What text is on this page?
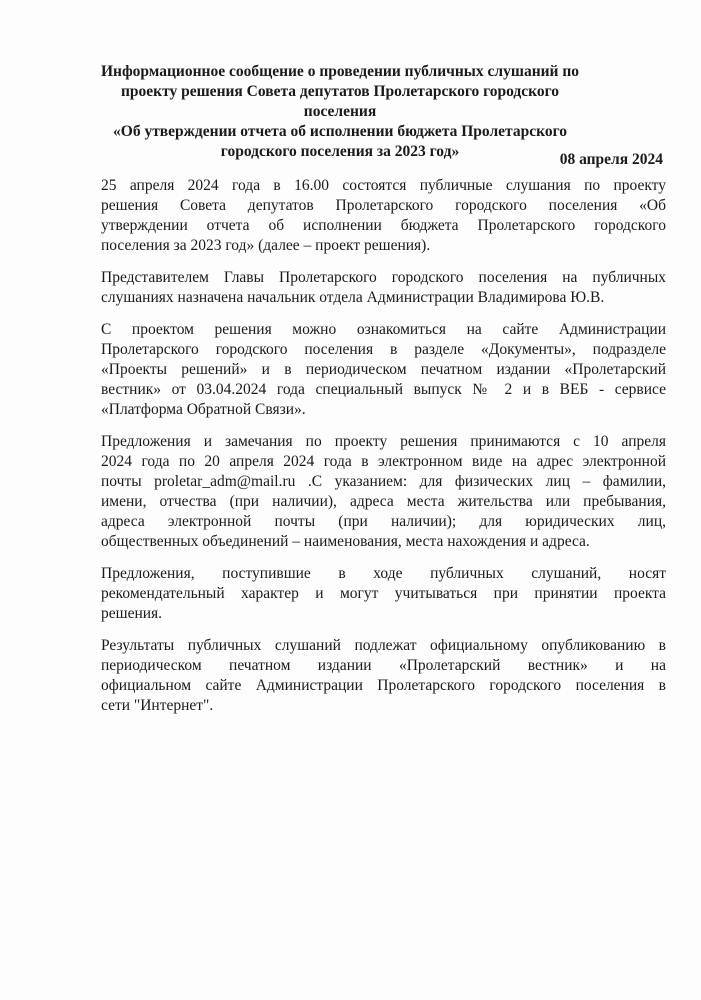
Информационное сообщение о проведении публичных слушаний по
проекту решения Совета депутатов Пролетарского городского поселения
«Об утверждении отчета об исполнении бюджета Пролетарского
городского поселения за 2023 год»	08 апреля 2024
25 апреля 2024 года в 16.00 состоятся публичные слушания по проекту
решения Совета депутатов Пролетарского городского поселения «Об
утверждении отчета об исполнении бюджета Пролетарского городского
поселения за 2023 год» (далее – проект решения).
Представителем Главы Пролетарского городского поселения на публичных
слушаниях назначена начальник отдела Администрации Владимирова Ю.В.
С проектом решения можно ознакомиться на сайте Администрации
Пролетарского городского поселения в разделе «Документы», подразделе
«Проекты решений» и в периодическом печатном издании «Пролетарский
вестник» от 03.04.2024 года специальный выпуск № 2 и в ВЕБ - сервисе
«Платформа Обратной Связи».
Предложения и замечания по проекту решения принимаются с 10 апреля
2024 года по 20 апреля 2024 года в электронном виде на адрес электронной
почты proletar_adm@mail.ru .С указанием: для физических лиц – фамилии,
имени, отчества (при наличии), адреса места жительства или пребывания,
адреса электронной почты (при наличии); для юридических лиц,
общественных объединений – наименования, места нахождения и адреса.
Предложения, поступившие в ходе публичных слушаний, носят
рекомендательный характер и могут учитываться при принятии проекта
решения.
Результаты публичных слушаний подлежат официальному опубликованию в
периодическом печатном издании «Пролетарский вестник» и на
официальном сайте Администрации Пролетарского городского поселения в
сети "Интернет".
